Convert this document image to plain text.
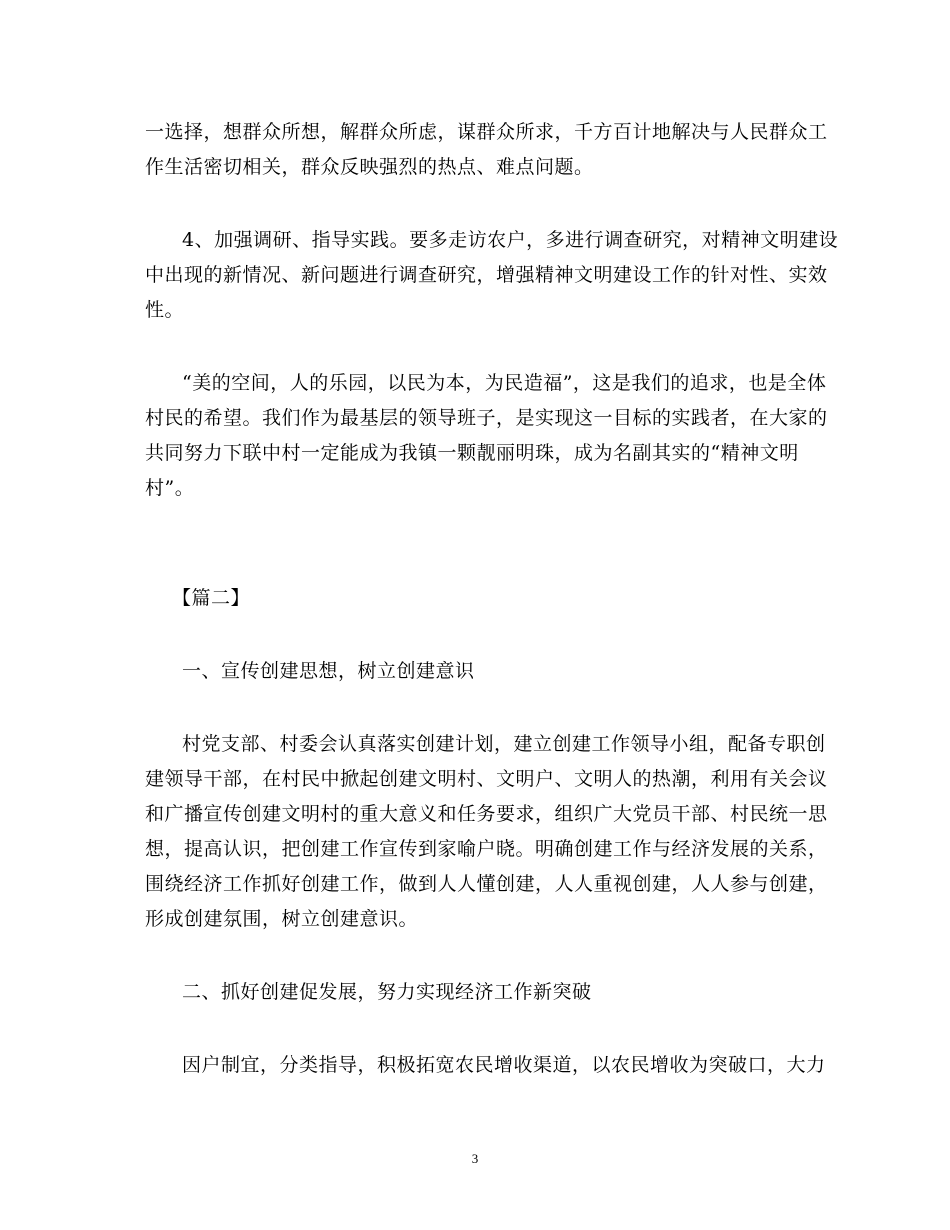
一选择，想群众所想，解群众所虑，谋群众所求，千方百计地解决与人民群众工
作生活密切相关，群众反映强烈的热点、难点问题。
4、加强调研、指导实践。要多走访农户，多进行调查研究，对精神文明建设
中出现的新情况、新问题进行调查研究，增强精神文明建设工作的针对性、实效
性。
“美的空间，人的乐园，以民为本，为民造福”，这是我们的追求，也是全体
村民的希望。我们作为最基层的领导班子，是实现这一目标的实践者，在大家的
共同努力下联中村一定能成为我镇一颗靓丽明珠，成为名副其实的“精神文明
村”。
【篇二】
一、宣传创建思想，树立创建意识
村党支部、村委会认真落实创建计划，建立创建工作领导小组，配备专职创
建领导干部，在村民中掀起创建文明村、文明户、文明人的热潮，利用有关会议
和广播宣传创建文明村的重大意义和任务要求，组织广大党员干部、村民统一思
想，提高认识，把创建工作宣传到家喻户晓。明确创建工作与经济发展的关系，
围绕经济工作抓好创建工作，做到人人懂创建，人人重视创建，人人参与创建，
形成创建氛围，树立创建意识。
二、抓好创建促发展，努力实现经济工作新突破
因户制宜，分类指导，积极拓宽农民增收渠道，以农民增收为突破口，大力
3
